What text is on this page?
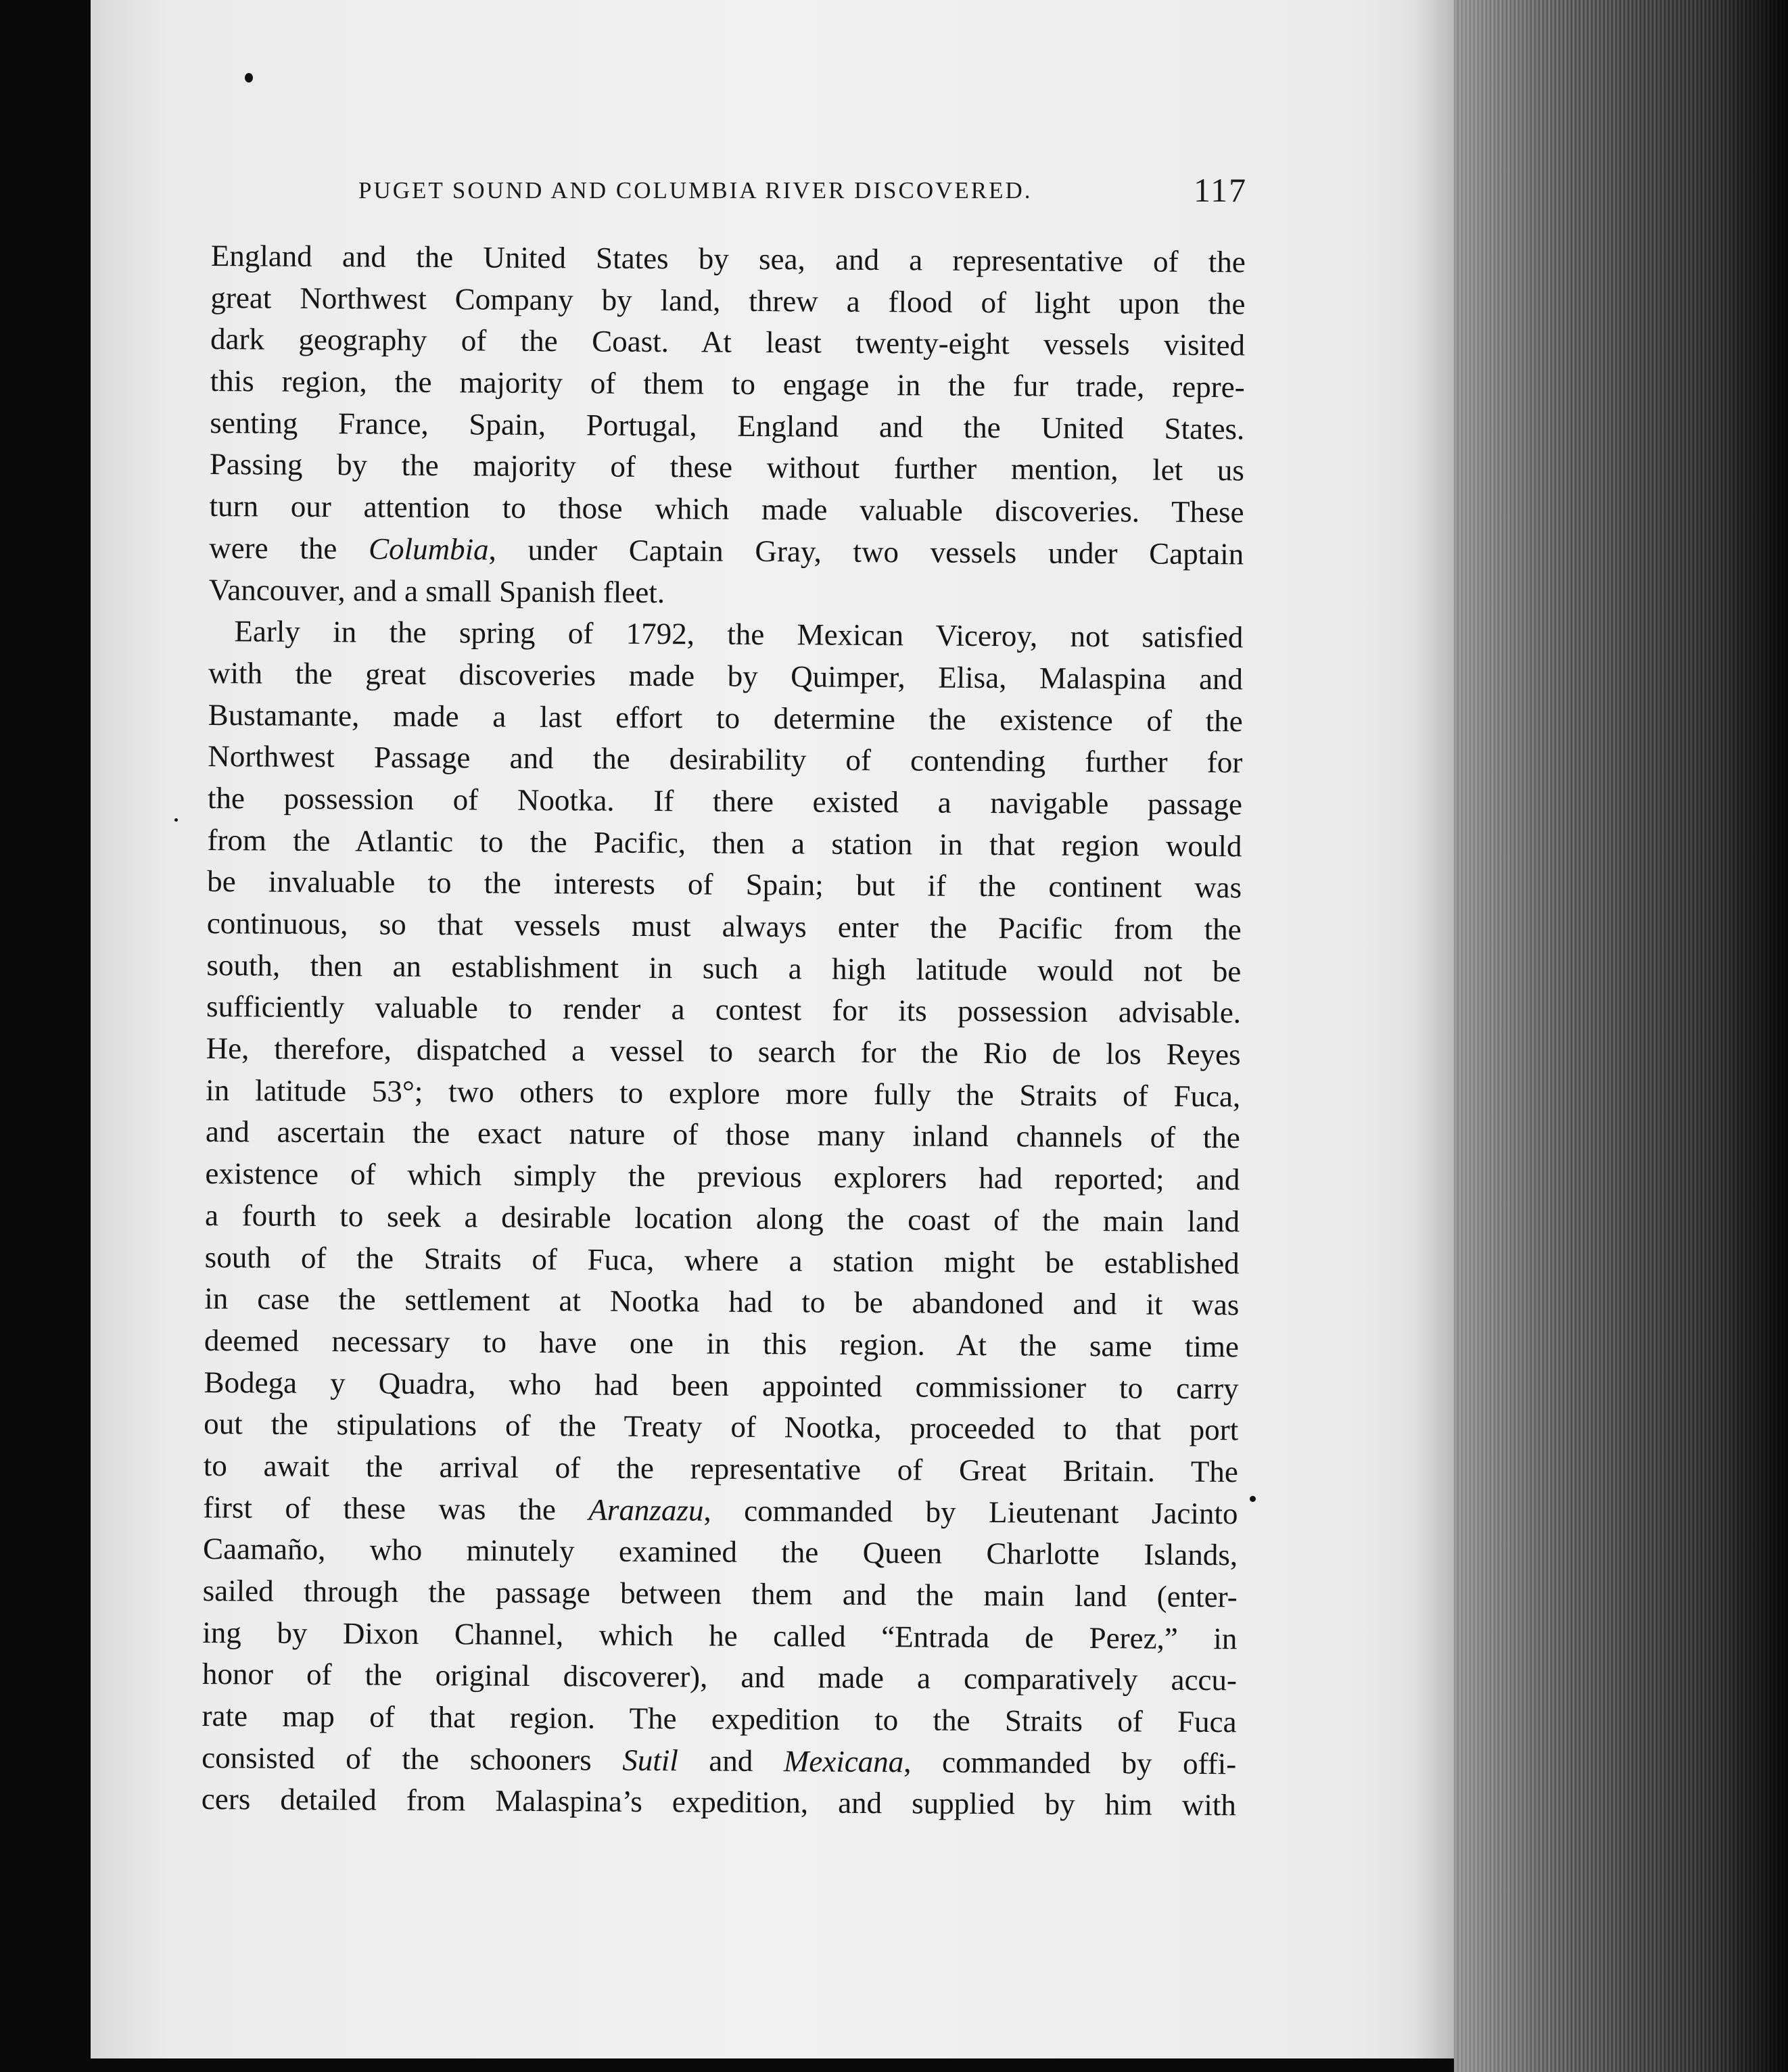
PUGET SOUND AND COLUMBIA RIVER DISCOVERED.	117
England and the United States by sea, and a representative of the
great Northwest Company by land, threw a flood of light upon the
dark geography of the Coast. At least twenty-eight vessels visited
this region, the majority of them to engage in the fur trade, repre-
senting France, Spain, Portugal, England and the United States.
Passing by the majority of these without further mention, let us
turn our attention to those which made valuable discoveries. These
were the Columbia, under Captain Gray, two vessels under Captain
Vancouver, and a small Spanish fleet.
Early in the spring of 1792, the Mexican Viceroy, not satisfied
with the great discoveries made by Quimper, Elisa, Malaspina and
Bustamante, made a last effort to determine the existence of the
Northwest Passage and the desirability of contending further for
the possession of Nootka. If there existed a navigable passage
from the Atlantic to the Pacific, then a station in that region would
be invaluable to the interests of Spain; but if the continent was
continuous, so that vessels must always enter the Pacific from the
south, then an establishment in such a high latitude would not be
sufficiently valuable to render a contest for its possession advisable.
He, therefore, dispatched a vessel to search for the Rio de los Reyes
in latitude 53°; two others to explore more fully the Straits of Fuca,
and ascertain the exact nature of those many inland channels of the
existence of which simply the previous explorers had reported; and
a fourth to seek a desirable location along the coast of the main land
south of the Straits of Fuca, where a station might be established
in case the settlement at Nootka had to be abandoned and it was
deemed necessary to have one in this region. At the same time
Bodega y Quadra, who had been appointed commissioner to carry
out the stipulations of the Treaty of Nootka, proceeded to that port
to await the arrival of the representative of Great Britain. The
first of these was the Aranzazu, commanded by Lieutenant Jacinto
Caamaño, who minutely examined the Queen Charlotte Islands,
sailed through the passage between them and the main land (enter-
ing by Dixon Channel, which he called “Entrada de Perez,” in
honor of the original discoverer), and made a comparatively accu-
rate map of that region. The expedition to the Straits of Fuca
consisted of the schooners Sutil and Mexicana, commanded by offi-
cers detailed from Malaspina’s expedition, and supplied by him with
